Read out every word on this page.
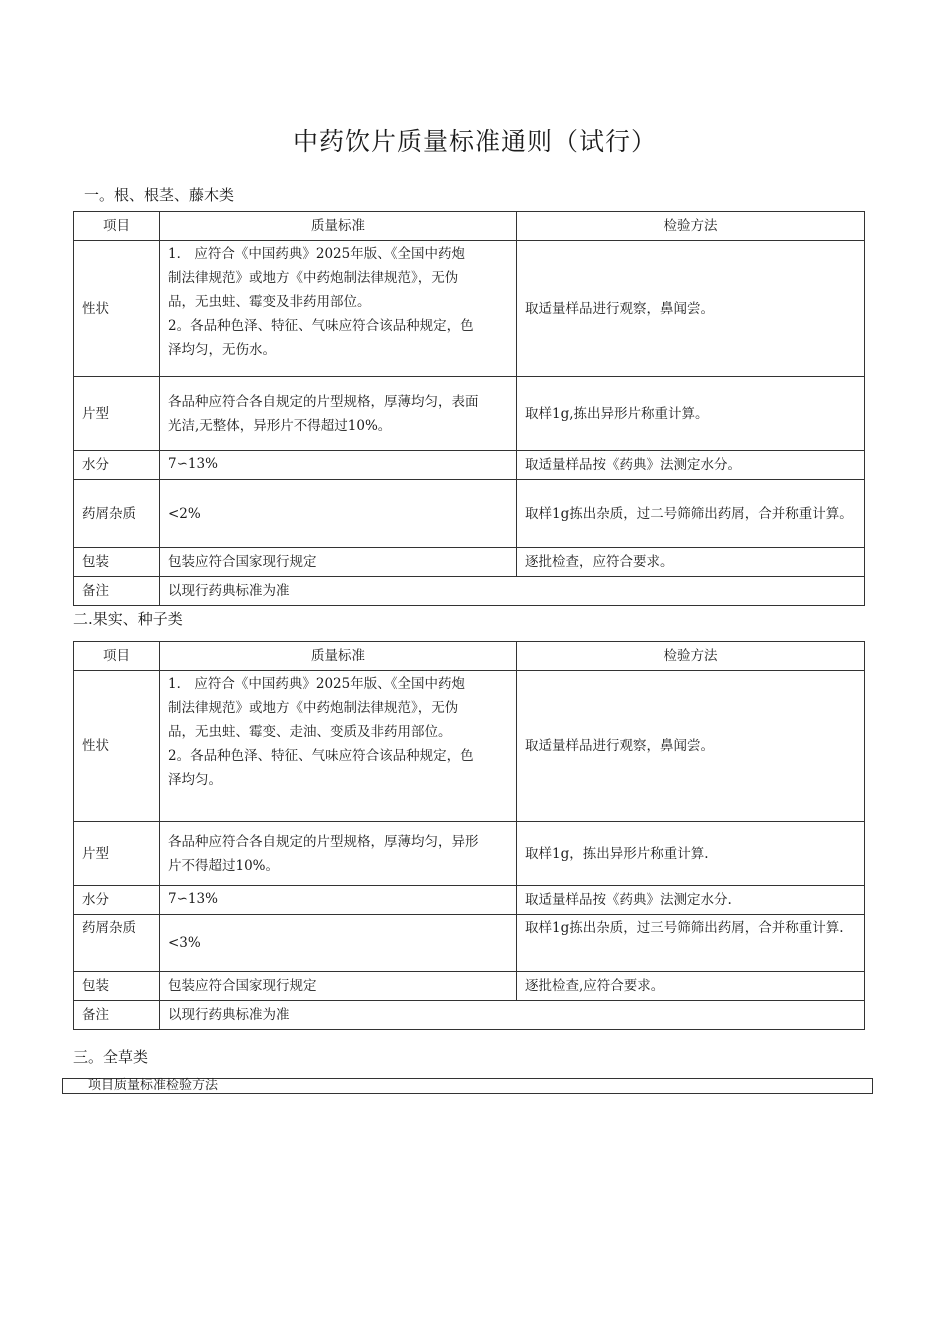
中药饮片质量标准通则（试行）

一。根、根茎、藤木类

项目	质量标准	检验方法
性状	1． 应符合《中国药典》2025年版、《全国中药炮
制法律规范》或地方《中药炮制法律规范》，无伪
品，无虫蛀、霉变及非药用部位。
2。各品种色泽、特征、气味应符合该品种规定，色
泽均匀，无伤水。	取适量样品进行观察，鼻闻尝。
片型	各品种应符合各自规定的片型规格，厚薄均匀，表面
光洁,无整体，异形片不得超过10%。	取样1g,拣出异形片称重计算。
水分	7∽13%	取适量样品按《药典》法测定水分。
药屑杂质	<2%	取样1g拣出杂质，过二号筛筛出药屑，合并称重计算。
包装	包装应符合国家现行规定	逐批检查，应符合要求。
备注	以现行药典标准为准	

二.果实、种子类

项目	质量标准	检验方法
性状	1． 应符合《中国药典》2025年版、《全国中药炮
制法律规范》或地方《中药炮制法律规范》，无伪
品，无虫蛀、霉变、走油、变质及非药用部位。
2。各品种色泽、特征、气味应符合该品种规定，色
泽均匀。	取适量样品进行观察，鼻闻尝。
片型	各品种应符合各自规定的片型规格，厚薄均匀，异形
片不得超过10%。	取样1g，拣出异形片称重计算.
水分	7∽13%	取适量样品按《药典》法测定水分.
药屑杂质	<3%	取样1g拣出杂质，过三号筛筛出药屑，合并称重计算.
包装	包装应符合国家现行规定	逐批检查,应符合要求。
备注	以现行药典标准为准	

三。全草类

项目质量标准检验方法
